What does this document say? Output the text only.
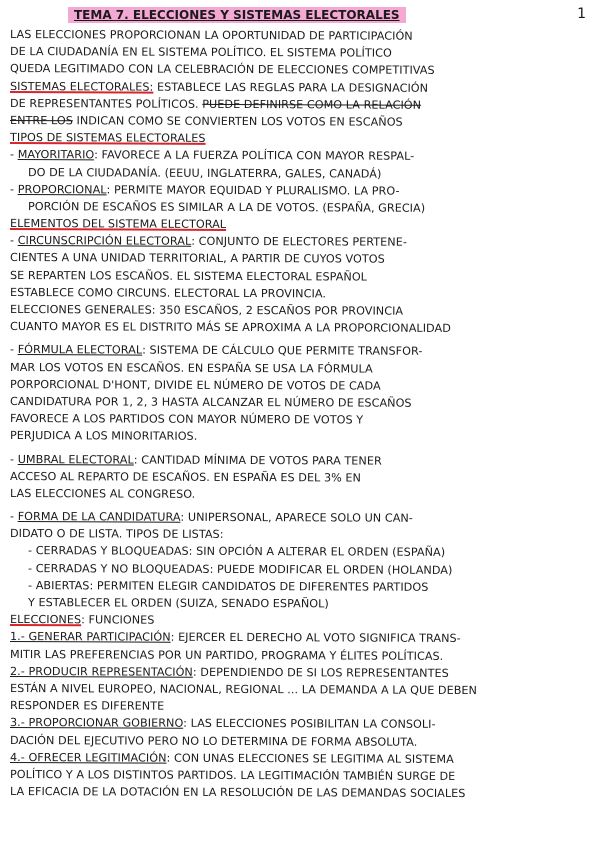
1
TEMA 7. ELECCIONES Y SISTEMAS ELECTORALES
LAS ELECCIONES PROPORCIONAN LA OPORTUNIDAD DE PARTICIPACIÓN
DE LA CIUDADANÍA EN EL SISTEMA POLÍTICO. EL SISTEMA POLÍTICO
QUEDA LEGITIMADO CON LA CELEBRACIÓN DE ELECCIONES COMPETITIVAS
SISTEMAS ELECTORALES: ESTABLECE LAS REGLAS PARA LA DESIGNACIÓN
DE REPRESENTANTES POLÍTICOS. PUEDE DEFINIRSE COMO LA RELACIÓN
ENTRE LOS INDICAN COMO SE CONVIERTEN LOS VOTOS EN ESCAÑOS
TIPOS DE SISTEMAS ELECTORALES
- MAYORITARIO: FAVORECE A LA FUERZA POLÍTICA CON MAYOR RESPAL-
DO DE LA CIUDADANÍA. (EEUU, INGLATERRA, GALES, CANADÁ)
- PROPORCIONAL: PERMITE MAYOR EQUIDAD Y PLURALISMO. LA PRO-
PORCIÓN DE ESCAÑOS ES SIMILAR A LA DE VOTOS. (ESPAÑA, GRECIA)
ELEMENTOS DEL SISTEMA ELECTORAL
- CIRCUNSCRIPCIÓN ELECTORAL: CONJUNTO DE ELECTORES PERTENE-
CIENTES A UNA UNIDAD TERRITORIAL, A PARTIR DE CUYOS VOTOS
SE REPARTEN LOS ESCAÑOS. EL SISTEMA ELECTORAL ESPAÑOL
ESTABLECE COMO CIRCUNS. ELECTORAL LA PROVINCIA.
ELECCIONES GENERALES: 350 ESCAÑOS, 2 ESCAÑOS POR PROVINCIA
CUANTO MAYOR ES EL DISTRITO MÁS SE APROXIMA A LA PROPORCIONALIDAD
- FÓRMULA ELECTORAL: SISTEMA DE CÁLCULO QUE PERMITE TRANSFOR-
MAR LOS VOTOS EN ESCAÑOS. EN ESPAÑA SE USA LA FÓRMULA
PORPORCIONAL D'HONT, DIVIDE EL NÚMERO DE VOTOS DE CADA
CANDIDATURA POR 1, 2, 3 HASTA ALCANZAR EL NÚMERO DE ESCAÑOS
FAVORECE A LOS PARTIDOS CON MAYOR NÚMERO DE VOTOS Y
PERJUDICA A LOS MINORITARIOS.
- UMBRAL ELECTORAL: CANTIDAD MÍNIMA DE VOTOS PARA TENER
ACCESO AL REPARTO DE ESCAÑOS. EN ESPAÑA ES DEL 3% EN
LAS ELECCIONES AL CONGRESO.
- FORMA DE LA CANDIDATURA: UNIPERSONAL, APARECE SOLO UN CAN-
DIDATO O DE LISTA. TIPOS DE LISTAS:
- CERRADAS Y BLOQUEADAS: SIN OPCIÓN A ALTERAR EL ORDEN (ESPAÑA)
- CERRADAS Y NO BLOQUEADAS: PUEDE MODIFICAR EL ORDEN (HOLANDA)
- ABIERTAS: PERMITEN ELEGIR CANDIDATOS DE DIFERENTES PARTIDOS
Y ESTABLECER EL ORDEN (SUIZA, SENADO ESPAÑOL)
ELECCIONES: FUNCIONES
1.- GENERAR PARTICIPACIÓN: EJERCER EL DERECHO AL VOTO SIGNIFICA TRANS-
MITIR LAS PREFERENCIAS POR UN PARTIDO, PROGRAMA Y ÉLITES POLÍTICAS.
2.- PRODUCIR REPRESENTACIÓN: DEPENDIENDO DE SI LOS REPRESENTANTES
ESTÁN A NIVEL EUROPEO, NACIONAL, REGIONAL ... LA DEMANDA A LA QUE DEBEN
RESPONDER ES DIFERENTE
3.- PROPORCIONAR GOBIERNO: LAS ELECCIONES POSIBILITAN LA CONSOLI-
DACIÓN DEL EJECUTIVO PERO NO LO DETERMINA DE FORMA ABSOLUTA.
4.- OFRECER LEGITIMACIÓN: CON UNAS ELECCIONES SE LEGITIMA AL SISTEMA
POLÍTICO Y A LOS DISTINTOS PARTIDOS. LA LEGITIMACIÓN TAMBIÉN SURGE DE
LA EFICACIA DE LA DOTACIÓN EN LA RESOLUCIÓN DE LAS DEMANDAS SOCIALES
